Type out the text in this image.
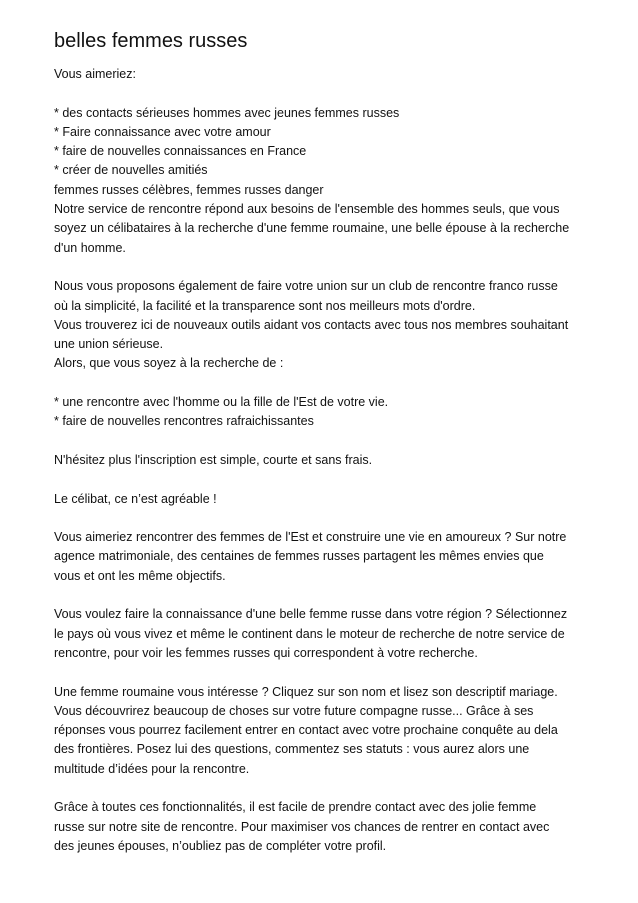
belles femmes russes

Vous aimeriez:

* des contacts sérieuses hommes avec jeunes femmes russes

* Faire connaissance avec votre amour

* faire de nouvelles connaissances en France

* créer de nouvelles amitiés

femmes russes célèbres, femmes russes danger

Notre service de rencontre répond aux besoins de l'ensemble des hommes seuls, que vous

soyez un célibataires à la recherche d'une femme roumaine, une belle épouse à la recherche

d'un homme.

Nous vous proposons également de faire votre union sur un club de rencontre franco russe

où la simplicité, la facilité et la transparence sont nos meilleurs mots d'ordre.

Vous trouverez ici de nouveaux outils aidant vos contacts avec tous nos membres souhaitant

une union sérieuse.

Alors, que vous soyez à la recherche de :

* une rencontre avec l'homme ou la fille de l'Est de votre vie.

* faire de nouvelles rencontres rafraichissantes

N'hésitez plus l'inscription est simple, courte et sans frais.

Le célibat, ce n’est agréable !

Vous aimeriez rencontrer des femmes de l'Est et construire une vie en amoureux ? Sur notre

agence matrimoniale, des centaines de femmes russes partagent les mêmes envies que

vous et ont les même objectifs.

Vous voulez faire la connaissance d'une belle femme russe dans votre région ? Sélectionnez

le pays où vous vivez et même le continent dans le moteur de recherche de notre service de

rencontre, pour voir les femmes russes qui correspondent à votre recherche.

Une femme roumaine vous intéresse ? Cliquez sur son nom et lisez son descriptif mariage.

Vous découvrirez beaucoup de choses sur votre future compagne russe... Grâce à ses

réponses vous pourrez facilement entrer en contact avec votre prochaine conquête au dela

des frontières. Posez lui des questions, commentez ses statuts : vous aurez alors une

multitude d’idées pour la rencontre.

Grâce à toutes ces fonctionnalités, il est facile de prendre contact avec des jolie femme

russe sur notre site de rencontre. Pour maximiser vos chances de rentrer en contact avec

des jeunes épouses, n’oubliez pas de compléter votre profil.
